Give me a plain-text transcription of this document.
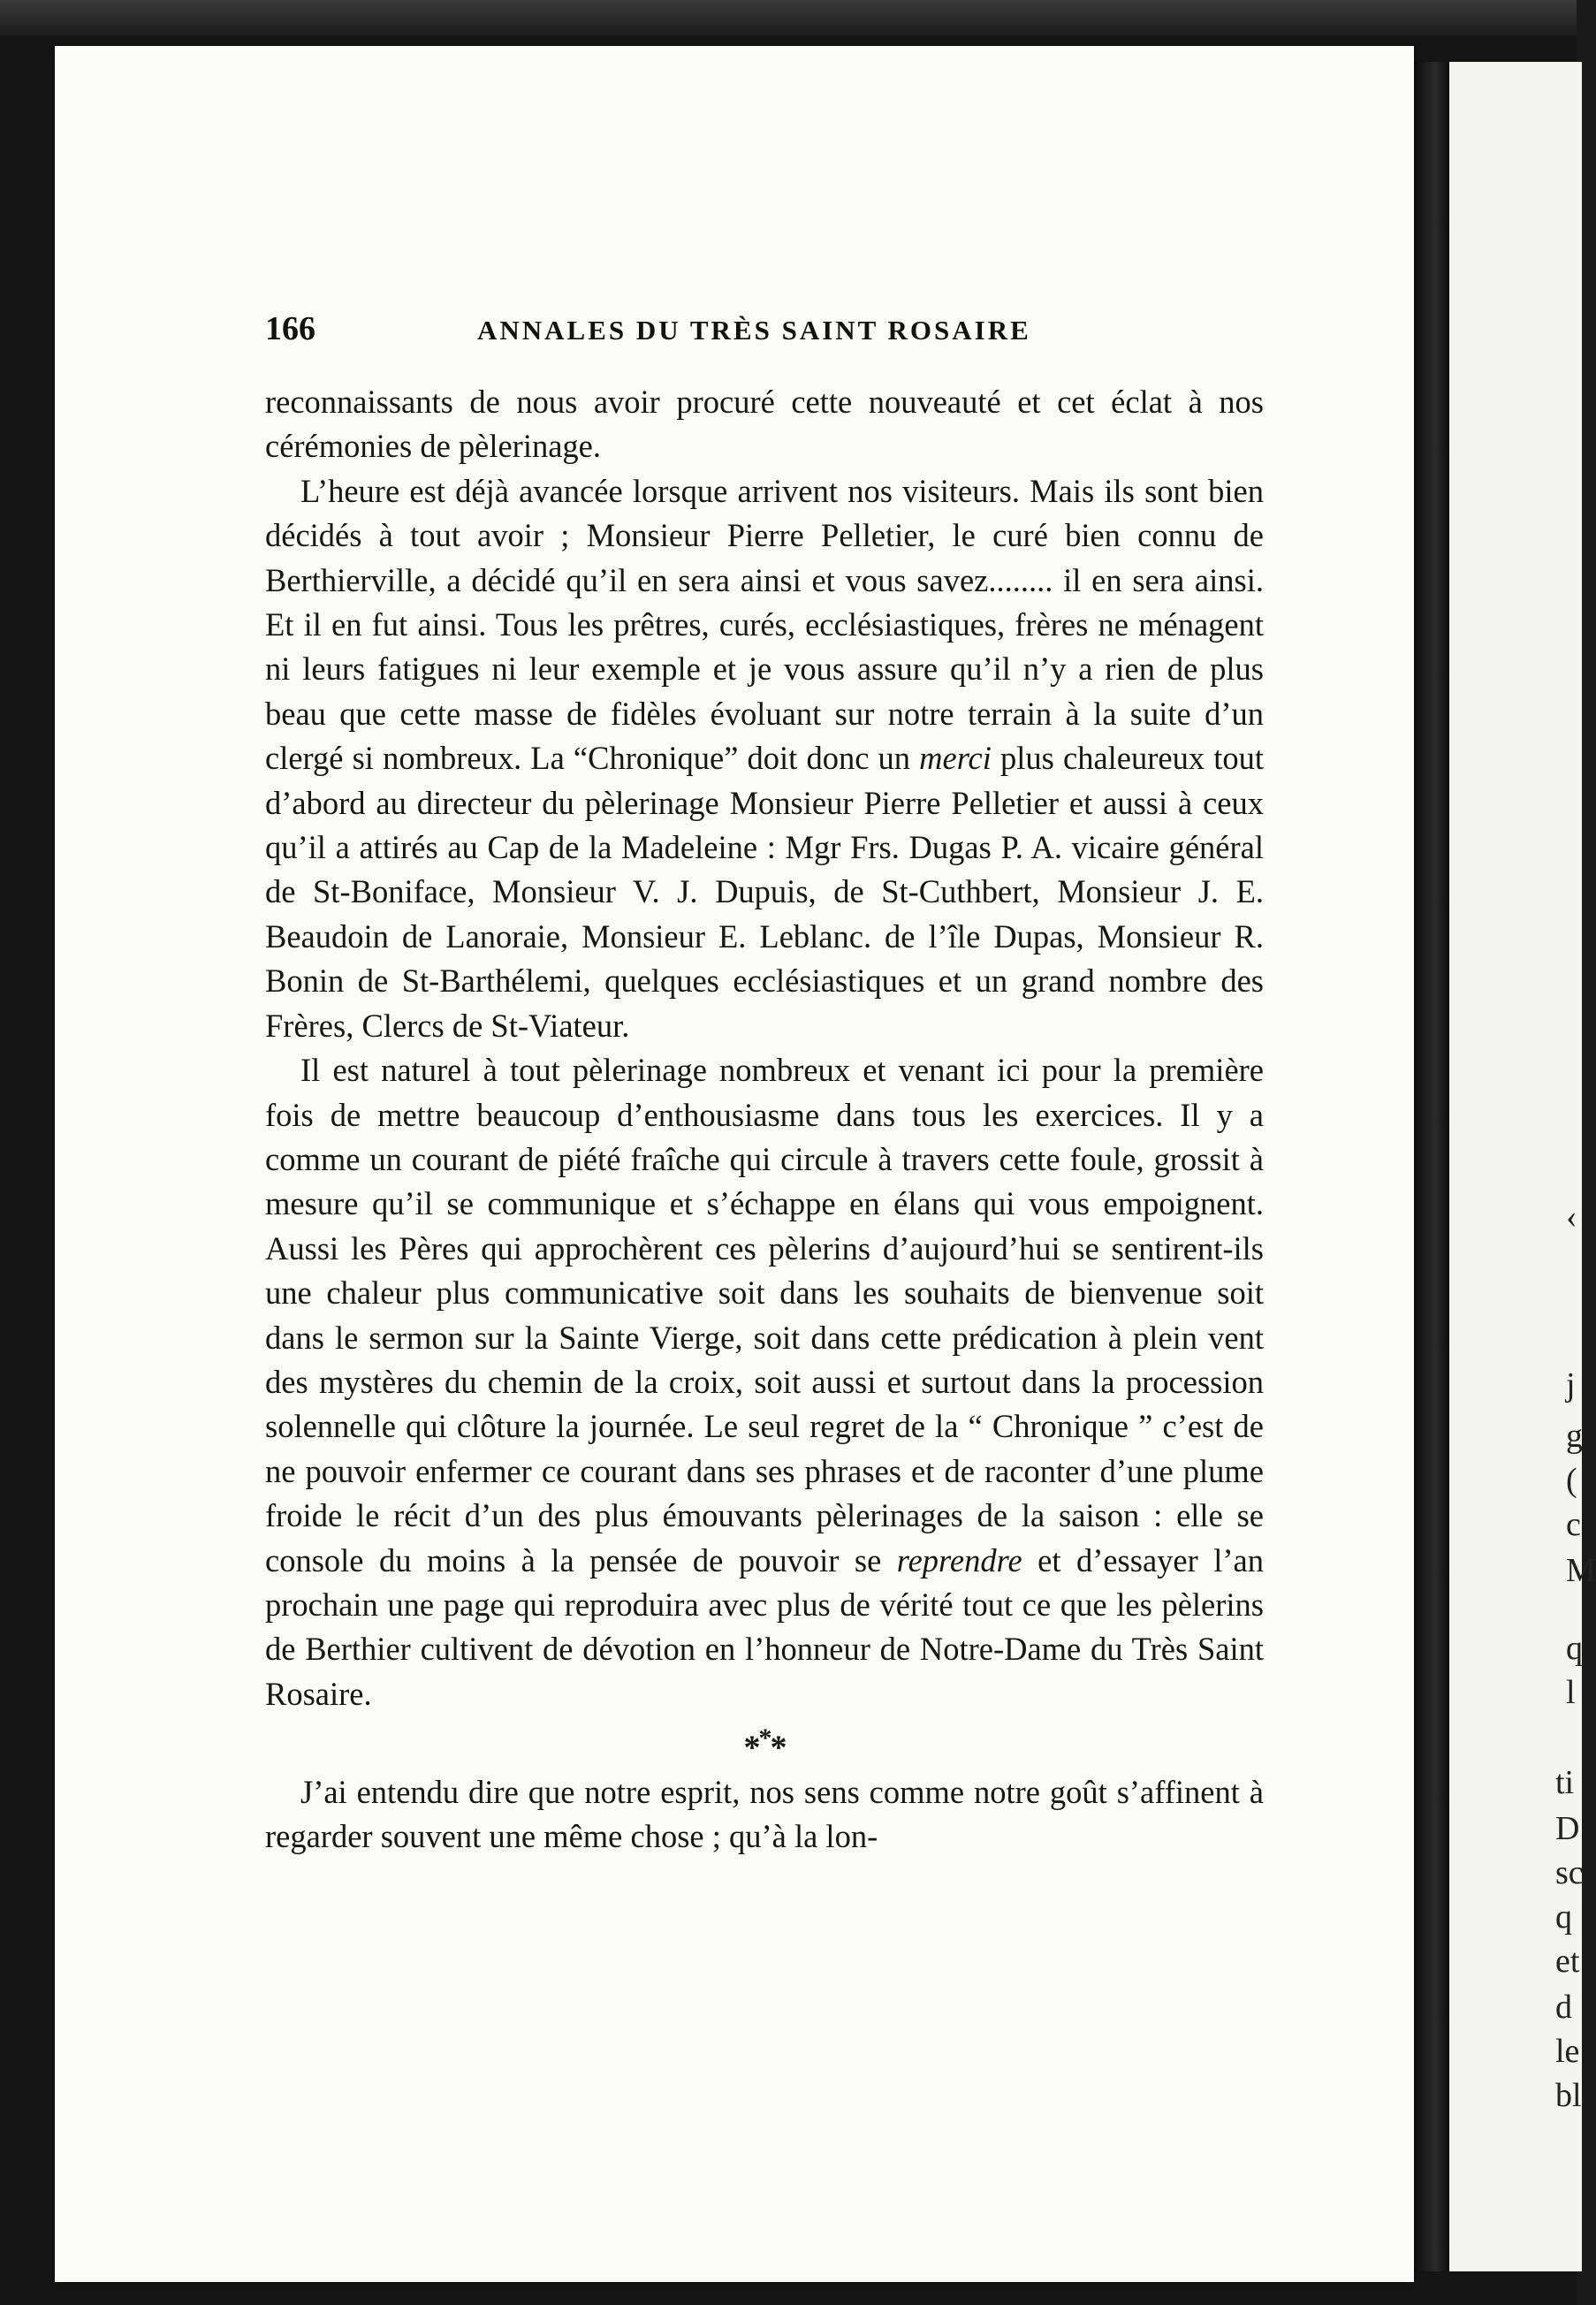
166	ANNALES DU TRÈS SAINT ROSAIRE

reconnaissants de nous avoir procuré cette nouveauté et cet éclat à nos cérémonies de pèlerinage.

L’heure est déjà avancée lorsque arrivent nos visiteurs. Mais ils sont bien décidés à tout avoir ; Monsieur Pierre Pelletier, le curé bien connu de Berthierville, a décidé qu’il en sera ainsi et vous savez........ il en sera ainsi. Et il en fut ainsi. Tous les prêtres, curés, ecclésiastiques, frères ne ménagent ni leurs fatigues ni leur exemple et je vous assure qu’il n’y a rien de plus beau que cette masse de fidèles évoluant sur notre terrain à la suite d’un clergé si nombreux. La “Chronique” doit donc un merci plus chaleureux tout d’abord au directeur du pèlerinage Monsieur Pierre Pelletier et aussi à ceux qu’il a attirés au Cap de la Madeleine : Mgr Frs. Dugas P. A. vicaire général de St-Boniface, Monsieur V. J. Dupuis, de St-Cuthbert, Monsieur J. E. Beaudoin de Lanoraie, Monsieur E. Leblanc. de l’île Dupas, Monsieur R. Bonin de St-Barthélemi, quelques ecclésiastiques et un grand nombre des Frères, Clercs de St-Viateur.

Il est naturel à tout pèlerinage nombreux et venant ici pour la première fois de mettre beaucoup d’enthousiasme dans tous les exercices. Il y a comme un courant de piété fraîche qui circule à travers cette foule, grossit à mesure qu’il se communique et s’échappe en élans qui vous empoignent. Aussi les Pères qui approchèrent ces pèlerins d’aujourd’hui se sentirent-ils une chaleur plus communicative soit dans les souhaits de bienvenue soit dans le sermon sur la Sainte Vierge, soit dans cette prédication à plein vent des mystères du chemin de la croix, soit aussi et surtout dans la procession solennelle qui clôture la journée. Le seul regret de la “ Chronique ” c’est de ne pouvoir enfermer ce courant dans ses phrases et de raconter d’une plume froide le récit d’un des plus émouvants pèlerinages de la saison : elle se console du moins à la pensée de pouvoir se reprendre et d’essayer l’an prochain une page qui reproduira avec plus de vérité tout ce que les pèlerins de Berthier cultivent de dévotion en l’honneur de Notre-Dame du Très Saint Rosaire.

***

J’ai entendu dire que notre esprit, nos sens comme notre goût s’affinent à regarder souvent une même chose ; qu’à la lon-

‹
j
g
(
c
M
q
l
ti
D
sc
q
et
d
le
bl
